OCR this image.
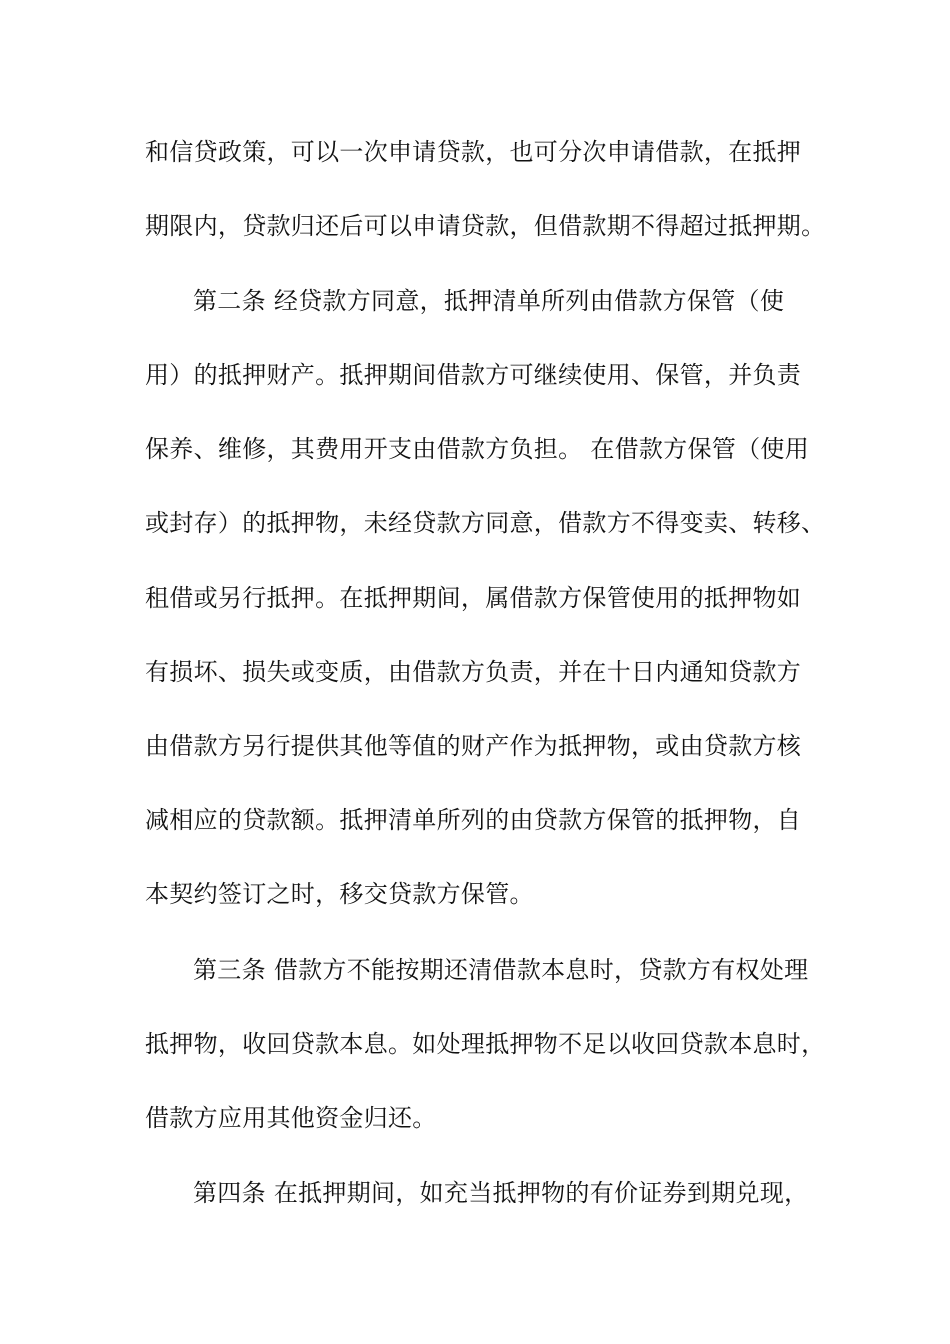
和信贷政策，可以一次申请贷款，也可分次申请借款，在抵押
期限内，贷款归还后可以申请贷款，但借款期不得超过抵押期。
第二条 经贷款方同意，抵押清单所列由借款方保管（使
用）的抵押财产。抵押期间借款方可继续使用、保管，并负责
保养、维修，其费用开支由借款方负担。 在借款方保管（使用
或封存）的抵押物，未经贷款方同意，借款方不得变卖、转移、
租借或另行抵押。在抵押期间，属借款方保管使用的抵押物如
有损坏、损失或变质，由借款方负责，并在十日内通知贷款方
由借款方另行提供其他等值的财产作为抵押物，或由贷款方核
减相应的贷款额。抵押清单所列的由贷款方保管的抵押物，自
本契约签订之时，移交贷款方保管。
第三条 借款方不能按期还清借款本息时，贷款方有权处理
抵押物，收回贷款本息。如处理抵押物不足以收回贷款本息时，
借款方应用其他资金归还。
第四条 在抵押期间，如充当抵押物的有价证券到期兑现，
